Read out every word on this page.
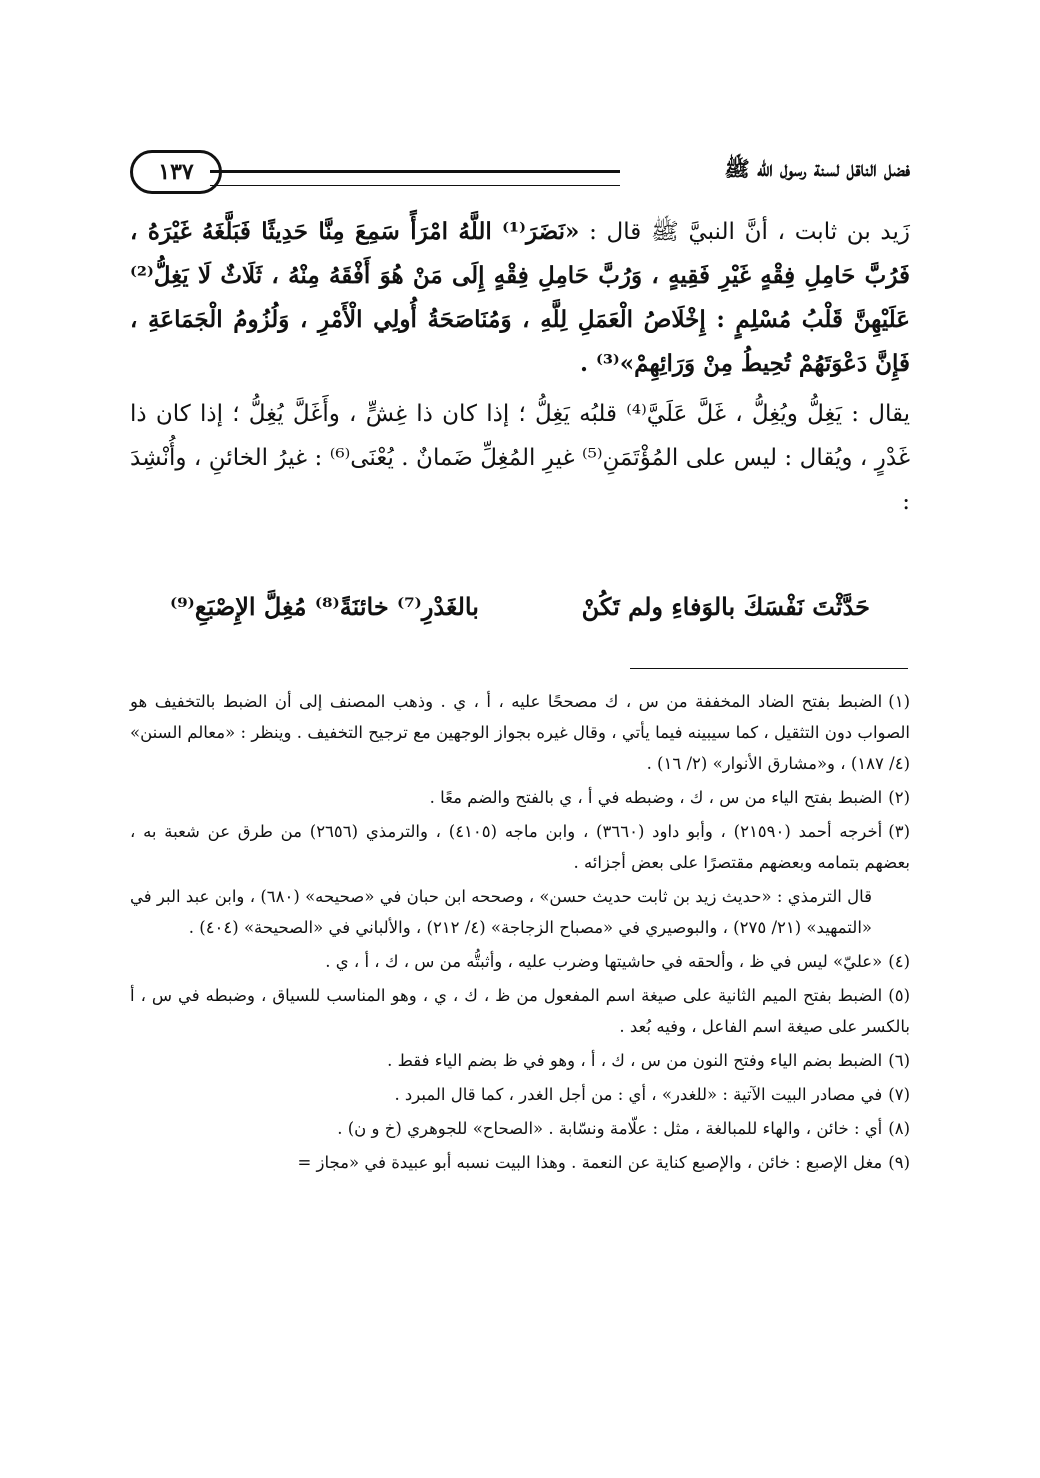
فضل الناقل لسنة رسول الله ﷺ
١٣٧

زَيد بن ثابت ، أنَّ النبيَّ ﷺ قال : «نَضَرَ⁽¹⁾ اللَّهُ امْرَأً سَمِعَ مِنَّا حَدِيثًا فَبَلَّغَهُ غَيْرَهُ ، فَرُبَّ حَامِلِ فِقْهٍ غَيْرِ فَقِيهٍ ، وَرُبَّ حَامِلِ فِقْهٍ إِلَى مَنْ هُوَ أَفْقَهُ مِنْهُ ، ثَلَاثٌ لَا يَغِلُّ⁽²⁾ عَلَيْهِنَّ قَلْبُ مُسْلِمٍ : إِخْلَاصُ الْعَمَلِ لِلَّهِ ، وَمُنَاصَحَةُ أُولِي الْأَمْرِ ، وَلُزُومُ الْجَمَاعَةِ ، فَإِنَّ دَعْوَتَهُمْ تُحِيطُ مِنْ وَرَائِهِمْ»⁽³⁾ .

يقال : يَغِلُّ ويُغِلُّ ، غَلَّ عَلَيَّ⁽⁴⁾ قلبُه يَغِلُّ ؛ إذا كان ذا غِشٍّ ، وأَغَلَّ يُغِلُّ ؛ إذا كان ذا غَدْرٍ ، ويُقال : ليس على المُؤْتَمَنِ⁽⁵⁾ غيرِ المُغِلِّ ضَمانٌ . يُعْنَى⁽⁶⁾ : غيرُ الخائنِ ، وأُنْشِدَ :

حَدَّثْتَ نَفْسَكَ بالوَفاءِ ولم تَكُنْ
بالغَدْرِ⁽⁷⁾ خائنَةً⁽⁸⁾ مُغِلَّ الإِصْبَعِ⁽⁹⁾

(١)الضبط بفتح الضاد المخففة من س ، ك مصححًا عليه ، أ ، ي . وذهب المصنف إلى أن الضبط بالتخفيف هو الصواب دون التثقيل ، كما سيبينه فيما يأتي ، وقال غيره بجواز الوجهين مع ترجيح التخفيف . وينظر : «معالم السنن» (٤/ ١٨٧) ، و«مشارق الأنوار» (٢/ ١٦) .

(٢)الضبط بفتح الياء من س ، ك ، وضبطه في أ ، ي بالفتح والضم معًا .

(٣)أخرجه أحمد (٢١٥٩٠) ، وأبو داود (٣٦٦٠) ، وابن ماجه (٤١٠٥) ، والترمذي (٢٦٥٦) من طرق عن شعبة به ، بعضهم بتمامه وبعضهم مقتصرًا على بعض أجزائه .

قال الترمذي : «حديث زيد بن ثابت حديث حسن» ، وصححه ابن حبان في «صحيحه» (٦٨٠) ، وابن عبد البر في «التمهيد» (٢١/ ٢٧٥) ، والبوصيري في «مصباح الزجاجة» (٤/ ٢١٢) ، والألباني في «الصحيحة» (٤٠٤) .

(٤)«عليّ» ليس في ظ ، وألحقه في حاشيتها وضرب عليه ، وأثبتُّه من س ، ك ، أ ، ي .

(٥)الضبط بفتح الميم الثانية على صيغة اسم المفعول من ظ ، ك ، ي ، وهو المناسب للسياق ، وضبطه في س ، أ بالكسر على صيغة اسم الفاعل ، وفيه بُعد .

(٦)الضبط بضم الياء وفتح النون من س ، ك ، أ ، وهو في ظ بضم الياء فقط .

(٧)في مصادر البيت الآتية : «للغدر» ، أي : من أجل الغدر ، كما قال المبرد .

(٨)أي : خائن ، والهاء للمبالغة ، مثل : علّامة ونسّابة . «الصحاح» للجوهري (خ و ن) .

(٩)مغل الإصبع : خائن ، والإصبع كناية عن النعمة . وهذا البيت نسبه أبو عبيدة في «مجاز =
